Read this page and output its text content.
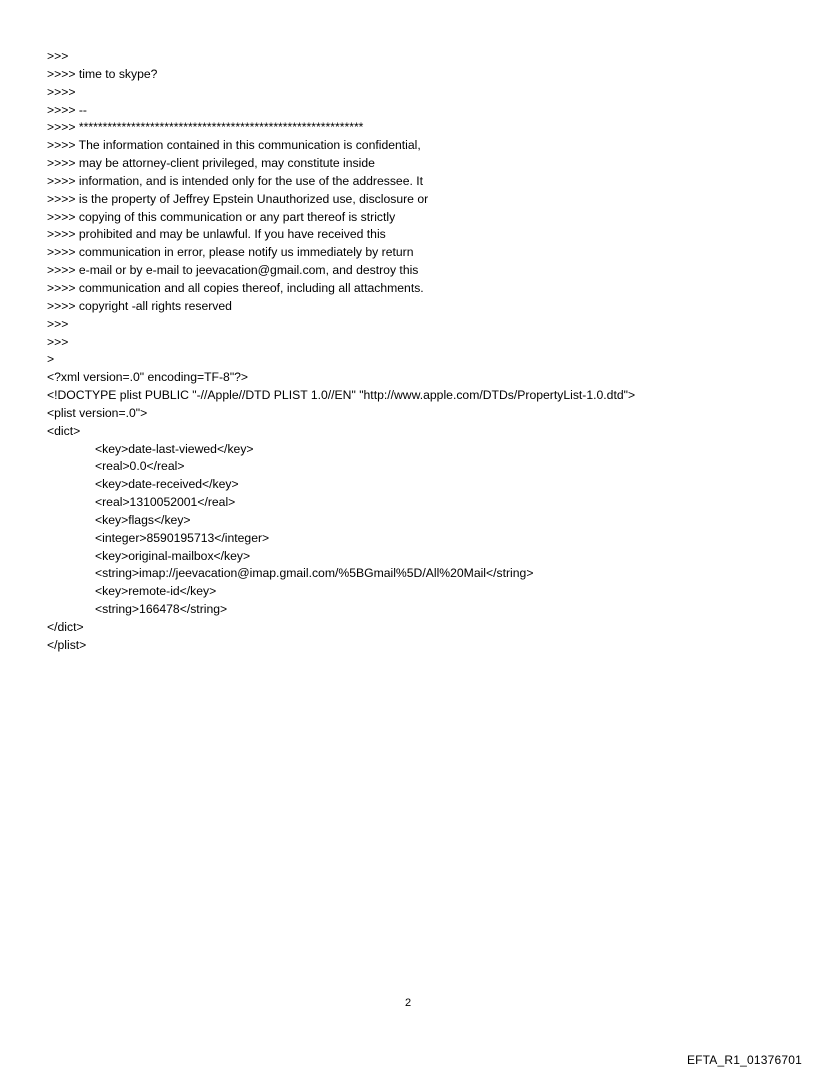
>>>
>>>> time to skype?
>>>>
>>>> --
>>>> ************************************************************
>>>> The information contained in this communication is confidential,
>>>> may be attorney-client privileged, may constitute inside
>>>> information, and is intended only for the use of the addressee. It
>>>> is the property of Jeffrey Epstein Unauthorized use, disclosure or
>>>> copying of this communication or any part thereof is strictly
>>>> prohibited and may be unlawful. If you have received this
>>>> communication in error, please notify us immediately by return
>>>> e-mail or by e-mail to jeevacation@gmail.com, and destroy this
>>>> communication and all copies thereof, including all attachments.
>>>> copyright -all rights reserved
>>>
>>>
>
<?xml version=.0" encoding=TF-8"?>
<!DOCTYPE plist PUBLIC "-//Apple//DTD PLIST 1.0//EN" "http://www.apple.com/DTDs/PropertyList-1.0.dtd">
<plist version=.0">
<dict>
<key>date-last-viewed</key>
<real>0.0</real>
<key>date-received</key>
<real>1310052001</real>
<key>flags</key>
<integer>8590195713</integer>
<key>original-mailbox</key>
<string>imap://jeevacation@imap.gmail.com/%5BGmail%5D/All%20Mail</string>
<key>remote-id</key>
<string>166478</string>
</dict>
</plist>
2
EFTA_R1_01376701
